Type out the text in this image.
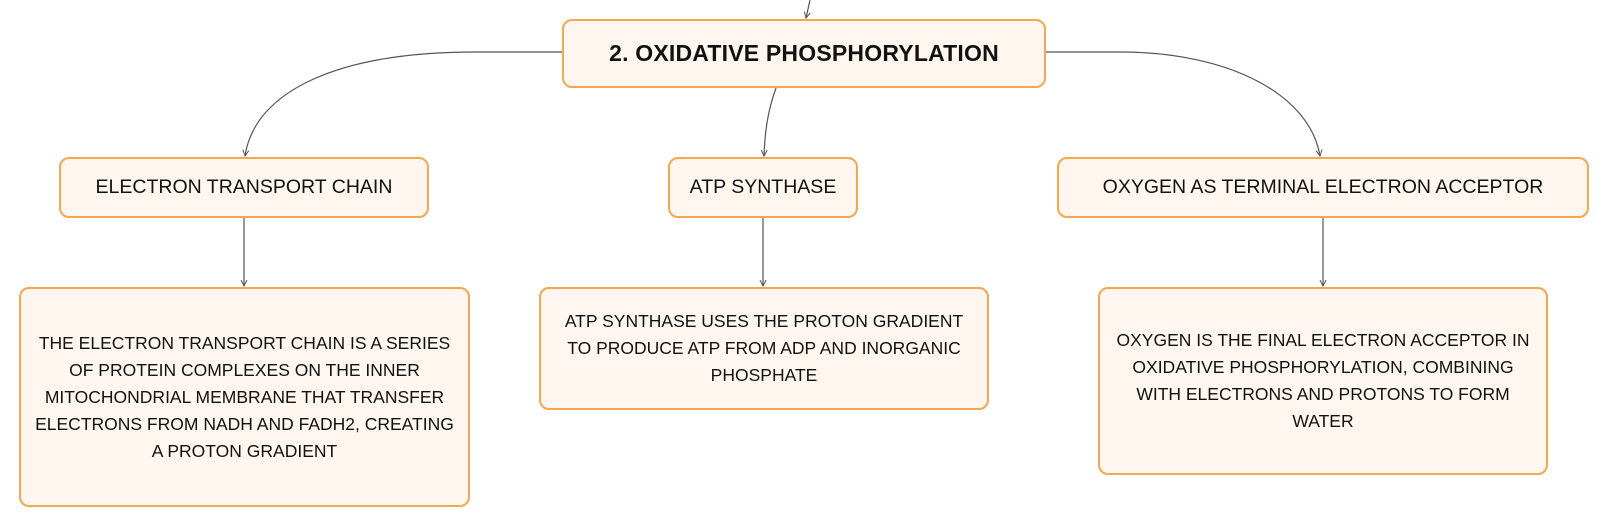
2. OXIDATIVE PHOSPHORYLATION
ELECTRON TRANSPORT CHAIN	ATP SYNTHASE	OXYGEN AS TERMINAL ELECTRON ACCEPTOR
THE ELECTRON TRANSPORT CHAIN IS A SERIES OF PROTEIN COMPLEXES ON THE INNER MITOCHONDRIAL MEMBRANE THAT TRANSFER ELECTRONS FROM NADH AND FADH2, CREATING A PROTON GRADIENT
ATP SYNTHASE USES THE PROTON GRADIENT TO PRODUCE ATP FROM ADP AND INORGANIC PHOSPHATE
OXYGEN IS THE FINAL ELECTRON ACCEPTOR IN OXIDATIVE PHOSPHORYLATION, COMBINING WITH ELECTRONS AND PROTONS TO FORM WATER
